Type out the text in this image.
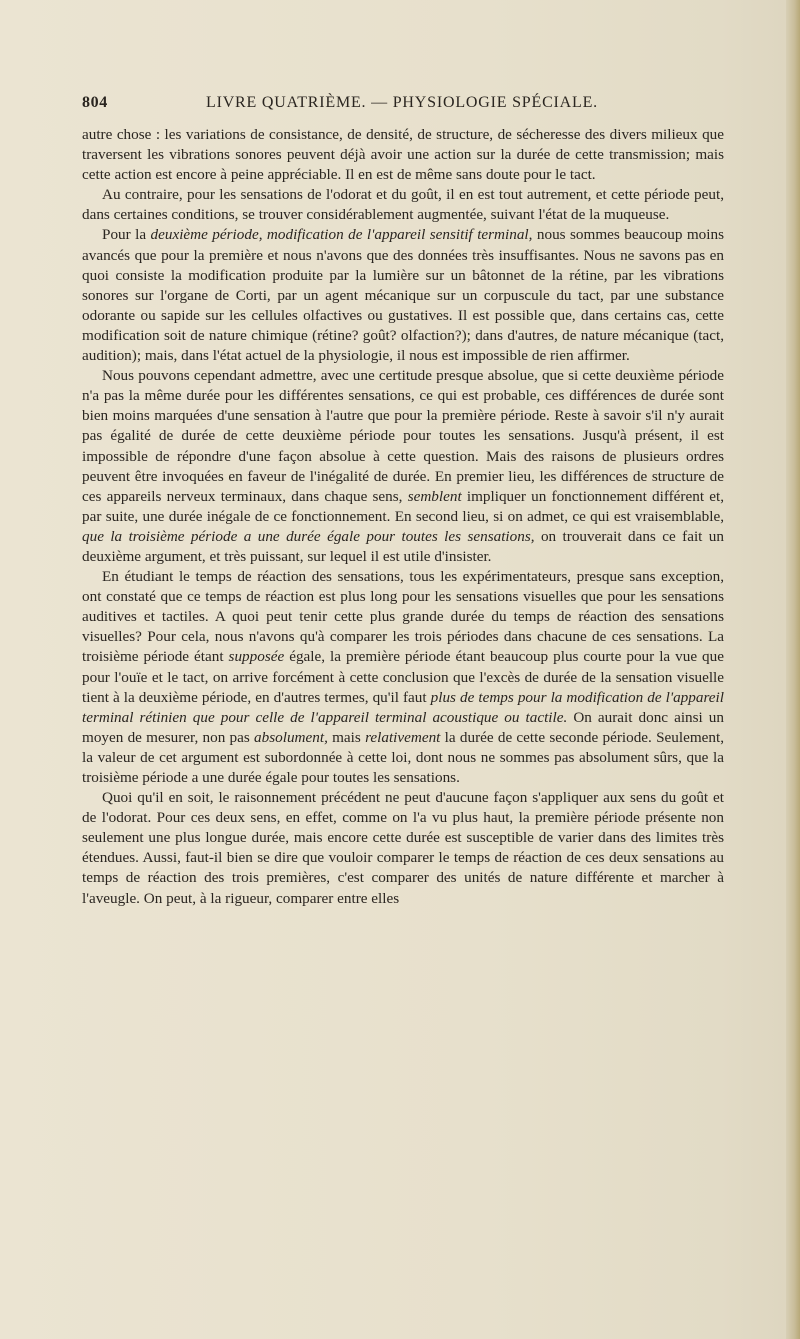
804	LIVRE QUATRIÈME. — PHYSIOLOGIE SPÉCIALE.

autre chose : les variations de consistance, de densité, de structure, de sécheresse des divers milieux que traversent les vibrations sonores peuvent déjà avoir une action sur la durée de cette transmission; mais cette action est encore à peine appréciable. Il en est de même sans doute pour le tact.

Au contraire, pour les sensations de l'odorat et du goût, il en est tout autrement, et cette période peut, dans certaines conditions, se trouver considérablement augmentée, suivant l'état de la muqueuse.

Pour la deuxième période, modification de l'appareil sensitif terminal, nous sommes beaucoup moins avancés que pour la première et nous n'avons que des données très insuffisantes. Nous ne savons pas en quoi consiste la modification produite par la lumière sur un bâtonnet de la rétine, par les vibrations sonores sur l'organe de Corti, par un agent mécanique sur un corpuscule du tact, par une substance odorante ou sapide sur les cellules olfactives ou gustatives. Il est possible que, dans certains cas, cette modification soit de nature chimique (rétine? goût? olfaction?); dans d'autres, de nature mécanique (tact, audition); mais, dans l'état actuel de la physiologie, il nous est impossible de rien affirmer.

Nous pouvons cependant admettre, avec une certitude presque absolue, que si cette deuxième période n'a pas la même durée pour les différentes sensations, ce qui est probable, ces différences de durée sont bien moins marquées d'une sensation à l'autre que pour la première période. Reste à savoir s'il n'y aurait pas égalité de durée de cette deuxième période pour toutes les sensations. Jusqu'à présent, il est impossible de répondre d'une façon absolue à cette question. Mais des raisons de plusieurs ordres peuvent être invoquées en faveur de l'inégalité de durée. En premier lieu, les différences de structure de ces appareils nerveux terminaux, dans chaque sens, semblent impliquer un fonctionnement différent et, par suite, une durée inégale de ce fonctionnement. En second lieu, si on admet, ce qui est vraisemblable, que la troisième période a une durée égale pour toutes les sensations, on trouverait dans ce fait un deuxième argument, et très puissant, sur lequel il est utile d'insister.

En étudiant le temps de réaction des sensations, tous les expérimentateurs, presque sans exception, ont constaté que ce temps de réaction est plus long pour les sensations visuelles que pour les sensations auditives et tactiles. A quoi peut tenir cette plus grande durée du temps de réaction des sensations visuelles? Pour cela, nous n'avons qu'à comparer les trois périodes dans chacune de ces sensations. La troisième période étant supposée égale, la première période étant beaucoup plus courte pour la vue que pour l'ouïe et le tact, on arrive forcément à cette conclusion que l'excès de durée de la sensation visuelle tient à la deuxième période, en d'autres termes, qu'il faut plus de temps pour la modification de l'appareil terminal rétinien que pour celle de l'appareil terminal acoustique ou tactile. On aurait donc ainsi un moyen de mesurer, non pas absolument, mais relativement la durée de cette seconde période. Seulement, la valeur de cet argument est subordonnée à cette loi, dont nous ne sommes pas absolument sûrs, que la troisième période a une durée égale pour toutes les sensations.

Quoi qu'il en soit, le raisonnement précédent ne peut d'aucune façon s'appliquer aux sens du goût et de l'odorat. Pour ces deux sens, en effet, comme on l'a vu plus haut, la première période présente non seulement une plus longue durée, mais encore cette durée est susceptible de varier dans des limites très étendues. Aussi, faut-il bien se dire que vouloir comparer le temps de réaction de ces deux sensations au temps de réaction des trois premières, c'est comparer des unités de nature différente et marcher à l'aveugle. On peut, à la rigueur, comparer entre elles
